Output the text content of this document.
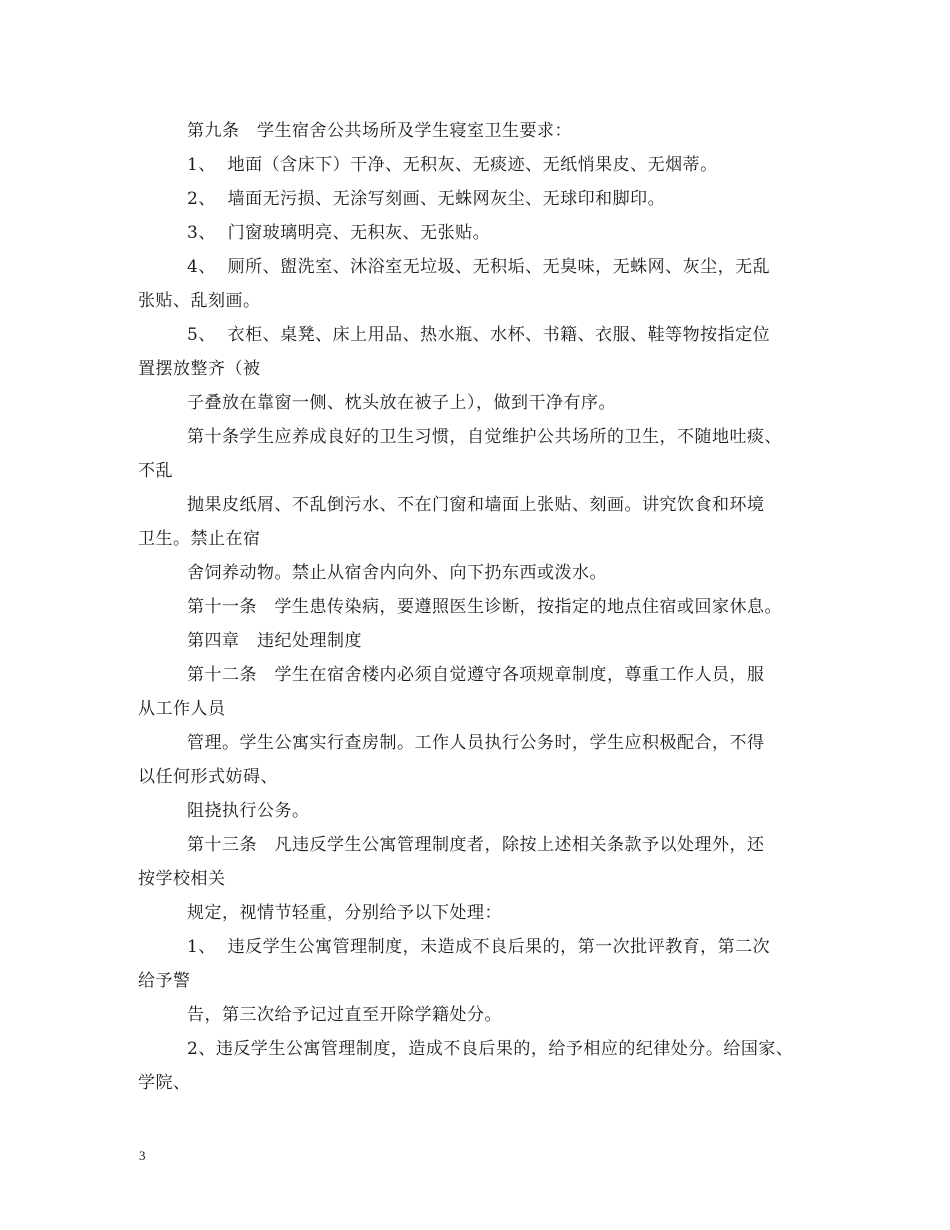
第九条　学生宿舍公共场所及学生寝室卫生要求：
1、  地面（含床下）干净、无积灰、无痰迹、无纸悄果皮、无烟蒂。
2、  墙面无污损、无涂写刻画、无蛛网灰尘、无球印和脚印。
3、  门窗玻璃明亮、无积灰、无张贴。
4、  厕所、盥洗室、沐浴室无垃圾、无积垢、无臭味，无蛛网、灰尘，无乱
张贴、乱刻画。
5、  衣柜、桌凳、床上用品、热水瓶、水杯、书籍、衣服、鞋等物按指定位
置摆放整齐（被
子叠放在靠窗一侧、枕头放在被子上），做到干净有序。
第十条学生应养成良好的卫生习惯，自觉维护公共场所的卫生，不随地吐痰、
不乱
抛果皮纸屑、不乱倒污水、不在门窗和墙面上张贴、刻画。讲究饮食和环境
卫生。禁止在宿
舍饲养动物。禁止从宿舍内向外、向下扔东西或泼水。
第十一条　学生患传染病，要遵照医生诊断，按指定的地点住宿或回家休息。
第四章　违纪处理制度
第十二条　学生在宿舍楼内必须自觉遵守各项规章制度，尊重工作人员，服
从工作人员
管理。学生公寓实行查房制。工作人员执行公务时，学生应积极配合，不得
以任何形式妨碍、
阻挠执行公务。
第十三条　凡违反学生公寓管理制度者，除按上述相关条款予以处理外，还
按学校相关
规定，视情节轻重，分别给予以下处理：
1、  违反学生公寓管理制度，未造成不良后果的，第一次批评教育，第二次
给予警
告，第三次给予记过直至开除学籍处分。
2、违反学生公寓管理制度，造成不良后果的，给予相应的纪律处分。给国家、
学院、
3
